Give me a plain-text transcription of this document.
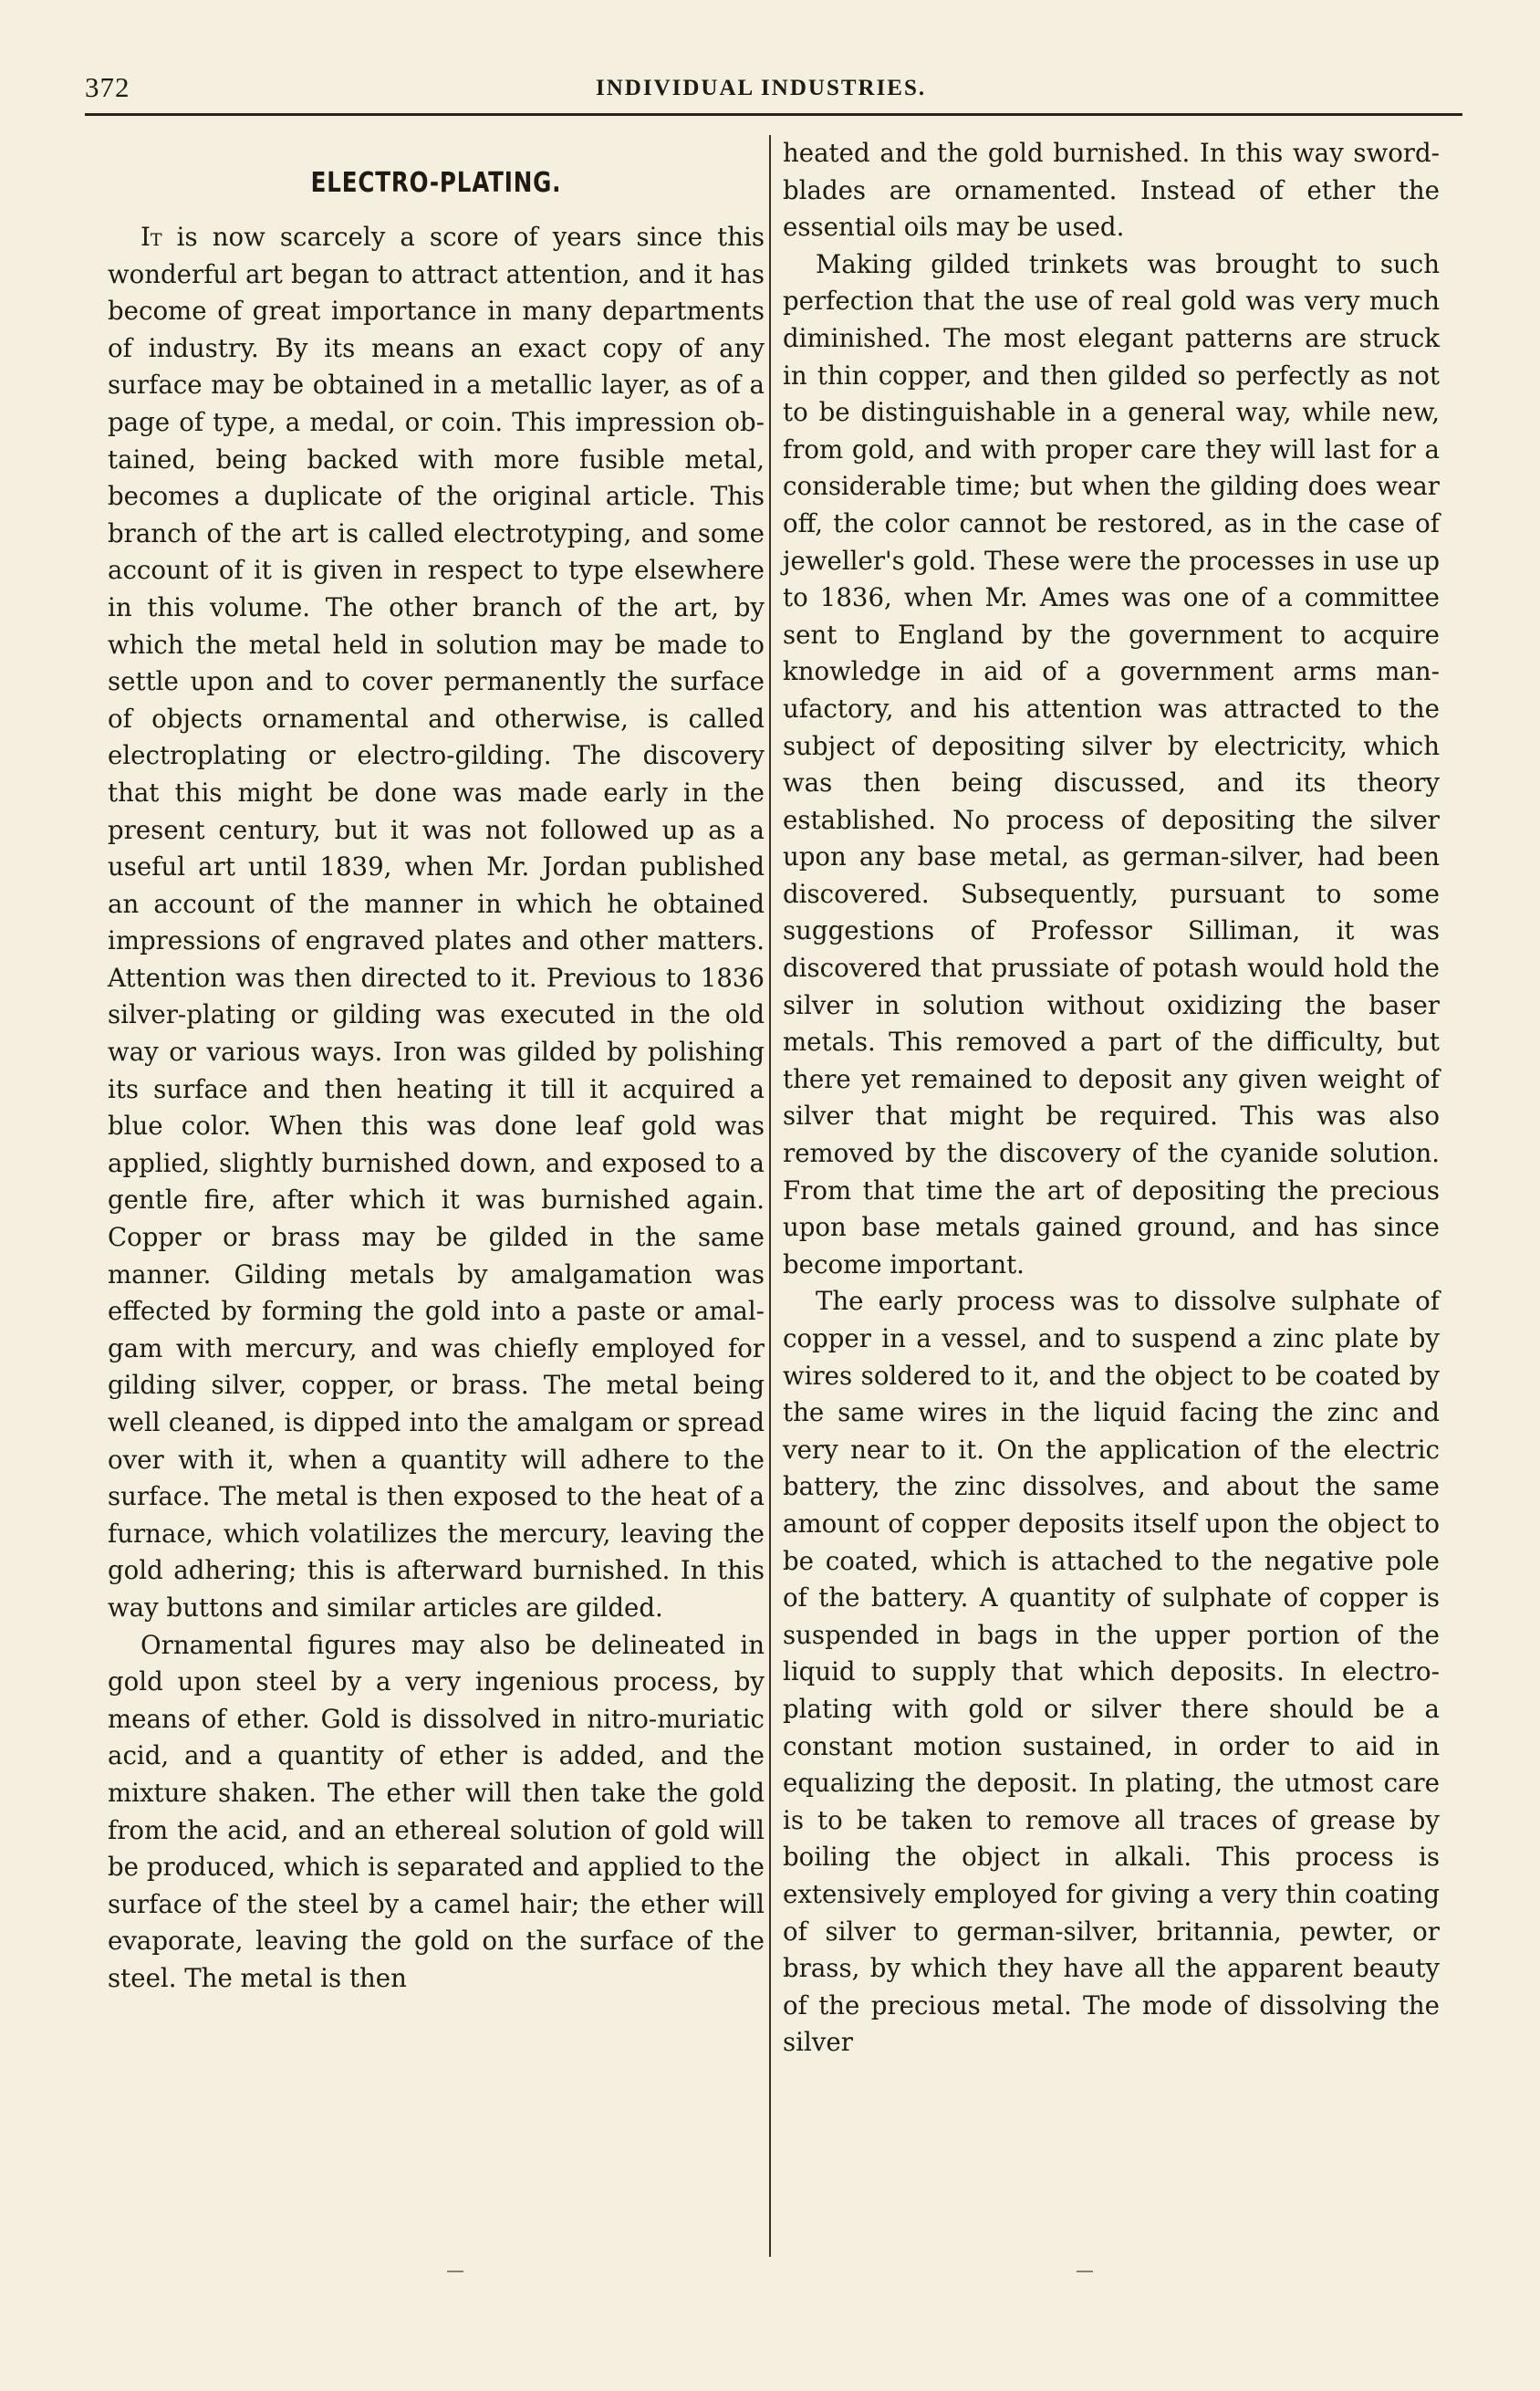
372	INDIVIDUAL INDUSTRIES.
ELECTRO-PLATING.

It is now scarcely a score of years since this wonderful art began to attract attention, and it has become of great importance in many departments of industry. By its means an exact copy of any surface may be obtained in a metallic layer, as of a page of type, a medal, or coin. This impression obtained, being backed with more fusible metal, becomes a duplicate of the original article. This branch of the art is called electrotyping, and some account of it is given in respect to type elsewhere in this volume. The other branch of the art, by which the metal held in solution may be made to settle upon and to cover permanently the surface of objects ornamental and otherwise, is called electroplating or electro-gilding. The discovery that this might be done was made early in the present century, but it was not followed up as a useful art until 1839, when Mr. Jordan published an account of the manner in which he obtained impressions of engraved plates and other matters. Attention was then directed to it. Previous to 1836 silver-plating or gilding was executed in the old way or various ways. Iron was gilded by polishing its surface and then heating it till it acquired a blue color. When this was done leaf gold was applied, slightly burnished down, and exposed to a gentle fire, after which it was burnished again. Copper or brass may be gilded in the same manner. Gilding metals by amalgamation was effected by forming the gold into a paste or amalgam with mercury, and was chiefly employed for gilding silver, copper, or brass. The metal being well cleaned, is dipped into the amalgam or spread over with it, when a quantity will adhere to the surface. The metal is then exposed to the heat of a furnace, which volatilizes the mercury, leaving the gold adhering; this is afterward burnished. In this way buttons and similar articles are gilded.

Ornamental figures may also be delineated in gold upon steel by a very ingenious process, by means of ether. Gold is dissolved in nitro-muriatic acid, and a quantity of ether is added, and the mixture shaken. The ether will then take the gold from the acid, and an ethereal solution of gold will be produced, which is separated and applied to the surface of the steel by a camel hair; the ether will evaporate, leaving the gold on the surface of the steel. The metal is then

heated and the gold burnished. In this way sword-blades are ornamented. Instead of ether the essential oils may be used.

Making gilded trinkets was brought to such perfection that the use of real gold was very much diminished. The most elegant patterns are struck in thin copper, and then gilded so perfectly as not to be distinguishable in a general way, while new, from gold, and with proper care they will last for a considerable time; but when the gilding does wear off, the color cannot be restored, as in the case of jeweller's gold. These were the processes in use up to 1836, when Mr. Ames was one of a committee sent to England by the government to acquire knowledge in aid of a government arms manufactory, and his attention was attracted to the subject of depositing silver by electricity, which was then being discussed, and its theory established. No process of depositing the silver upon any base metal, as german-silver, had been discovered. Subsequently, pursuant to some suggestions of Professor Silliman, it was discovered that prussiate of potash would hold the silver in solution without oxidizing the baser metals. This removed a part of the difficulty, but there yet remained to deposit any given weight of silver that might be required. This was also removed by the discovery of the cyanide solution. From that time the art of depositing the precious upon base metals gained ground, and has since become important.

The early process was to dissolve sulphate of copper in a vessel, and to suspend a zinc plate by wires soldered to it, and the object to be coated by the same wires in the liquid facing the zinc and very near to it. On the application of the electric battery, the zinc dissolves, and about the same amount of copper deposits itself upon the object to be coated, which is attached to the negative pole of the battery. A quantity of sulphate of copper is suspended in bags in the upper portion of the liquid to supply that which deposits. In electro-plating with gold or silver there should be a constant motion sustained, in order to aid in equalizing the deposit. In plating, the utmost care is to be taken to remove all traces of grease by boiling the object in alkali. This process is extensively employed for giving a very thin coating of silver to german-silver, britannia, pewter, or brass, by which they have all the apparent beauty of the precious metal. The mode of dissolving the silver
